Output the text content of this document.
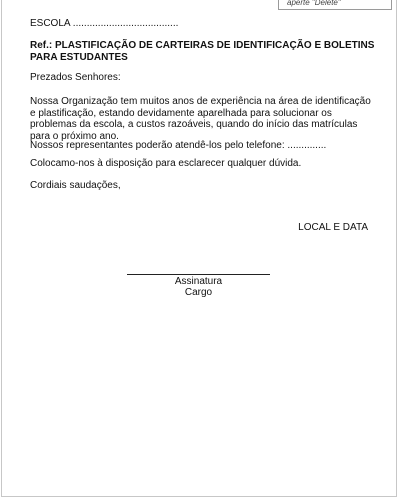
aperte "Delete"
ESCOLA ......................................
Ref.: PLASTIFICAÇÃO DE CARTEIRAS DE IDENTIFICAÇÃO E BOLETINS PARA ESTUDANTES
Prezados Senhores:
Nossa Organização tem muitos anos de experiência na área de identificação e plastificação, estando devidamente aparelhada para solucionar os problemas da escola, a custos razoáveis, quando do início das matrículas para o próximo ano.
Nossos representantes poderão atendê-los pelo telefone: ..............
Colocamo-nos à disposição para esclarecer qualquer dúvida.
Cordiais saudações,
LOCAL E DATA
Assinatura
Cargo
